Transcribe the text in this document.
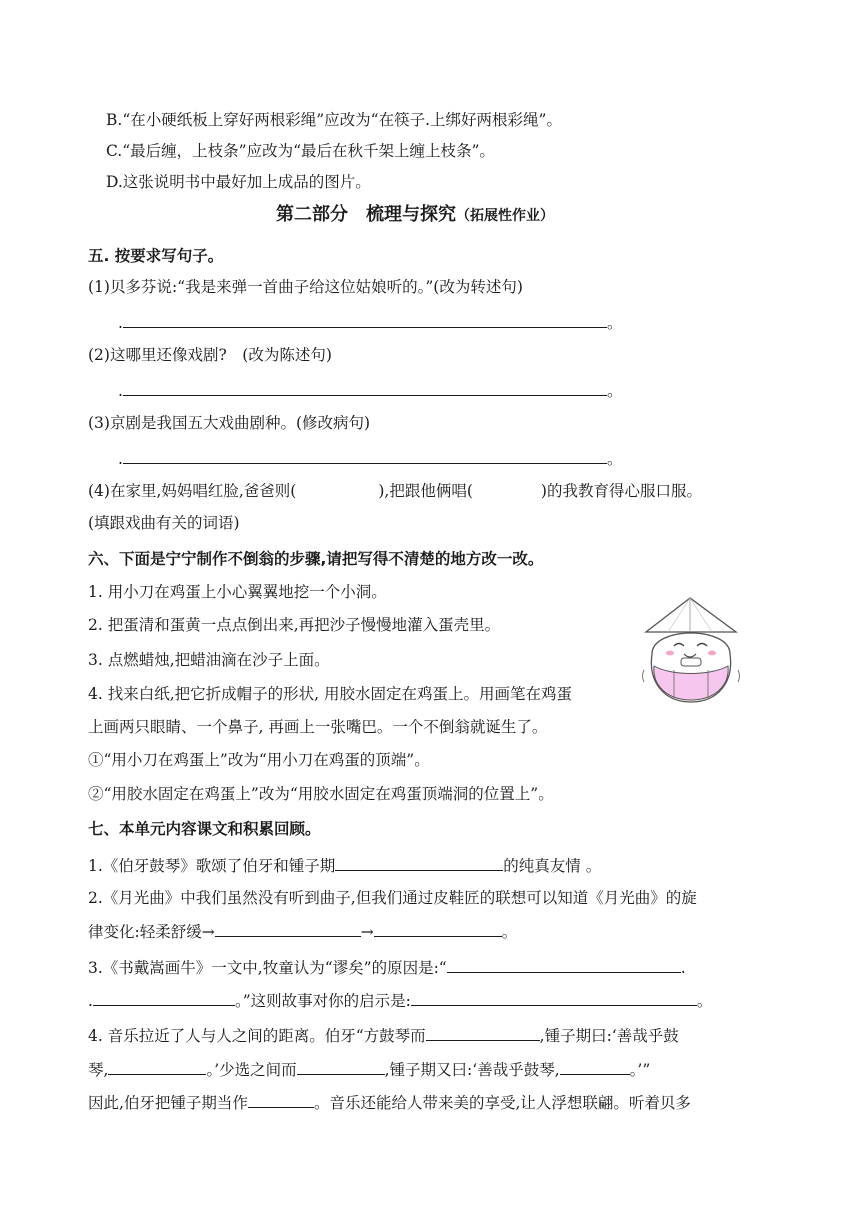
B.“在小硬纸板上穿好两根彩绳”应改为“在筷子.上绑好两根彩绳”。
C.“最后缠，上枝条”应改为“最后在秋千架上缠上枝条”。
D.这张说明书中最好加上成品的图片。
第二部分　梳理与探究（拓展性作业）
五. 按要求写句子。
(1)贝多芬说:“我是来弹一首曲子给这位姑娘听的。”(改为转述句)
.	。
(2)这哪里还像戏剧?　(改为陈述句)
.	。
(3)京剧是我国五大戏曲剧种。(修改病句)
.	。
(4)在家里,妈妈唱红脸,爸爸则(	),把跟他俩唱(	)的我教育得心服口服。
(填跟戏曲有关的词语)
六、下面是宁宁制作不倒翁的步骤,请把写得不清楚的地方改一改。
1. 用小刀在鸡蛋上小心翼翼地挖一个小洞。
2. 把蛋清和蛋黄一点点倒出来,再把沙子慢慢地灌入蛋壳里。
3. 点燃蜡烛,把蜡油滴在沙子上面。
4. 找来白纸,把它折成帽子的形状, 用胶水固定在鸡蛋上。用画笔在鸡蛋
上画两只眼睛、一个鼻子, 再画上一张嘴巴。一个不倒翁就诞生了。
①“用小刀在鸡蛋上”改为“用小刀在鸡蛋的顶端”。
②“用胶水固定在鸡蛋上”改为“用胶水固定在鸡蛋顶端洞的位置上”。
七、本单元内容课文和积累回顾。
1.《伯牙鼓琴》歌颂了伯牙和锺子期	的纯真友情 。
2.《月光曲》中我们虽然没有听到曲子,但我们通过皮鞋匠的联想可以知道《月光曲》的旋
律变化:轻柔舒缓→	→	。
3.《书戴嵩画牛》一文中,牧童认为“谬矣”的原因是:“	.
.	。”这则故事对你的启示是:	。
4. 音乐拉近了人与人之间的距离。伯牙“方鼓琴而	,锺子期曰:‘善哉乎鼓
琴,	。’少选之间而	,锺子期又曰:‘善哉乎鼓琴,	。’”
因此,伯牙把锺子期当作	。音乐还能给人带来美的享受,让人浮想联翩。听着贝多
